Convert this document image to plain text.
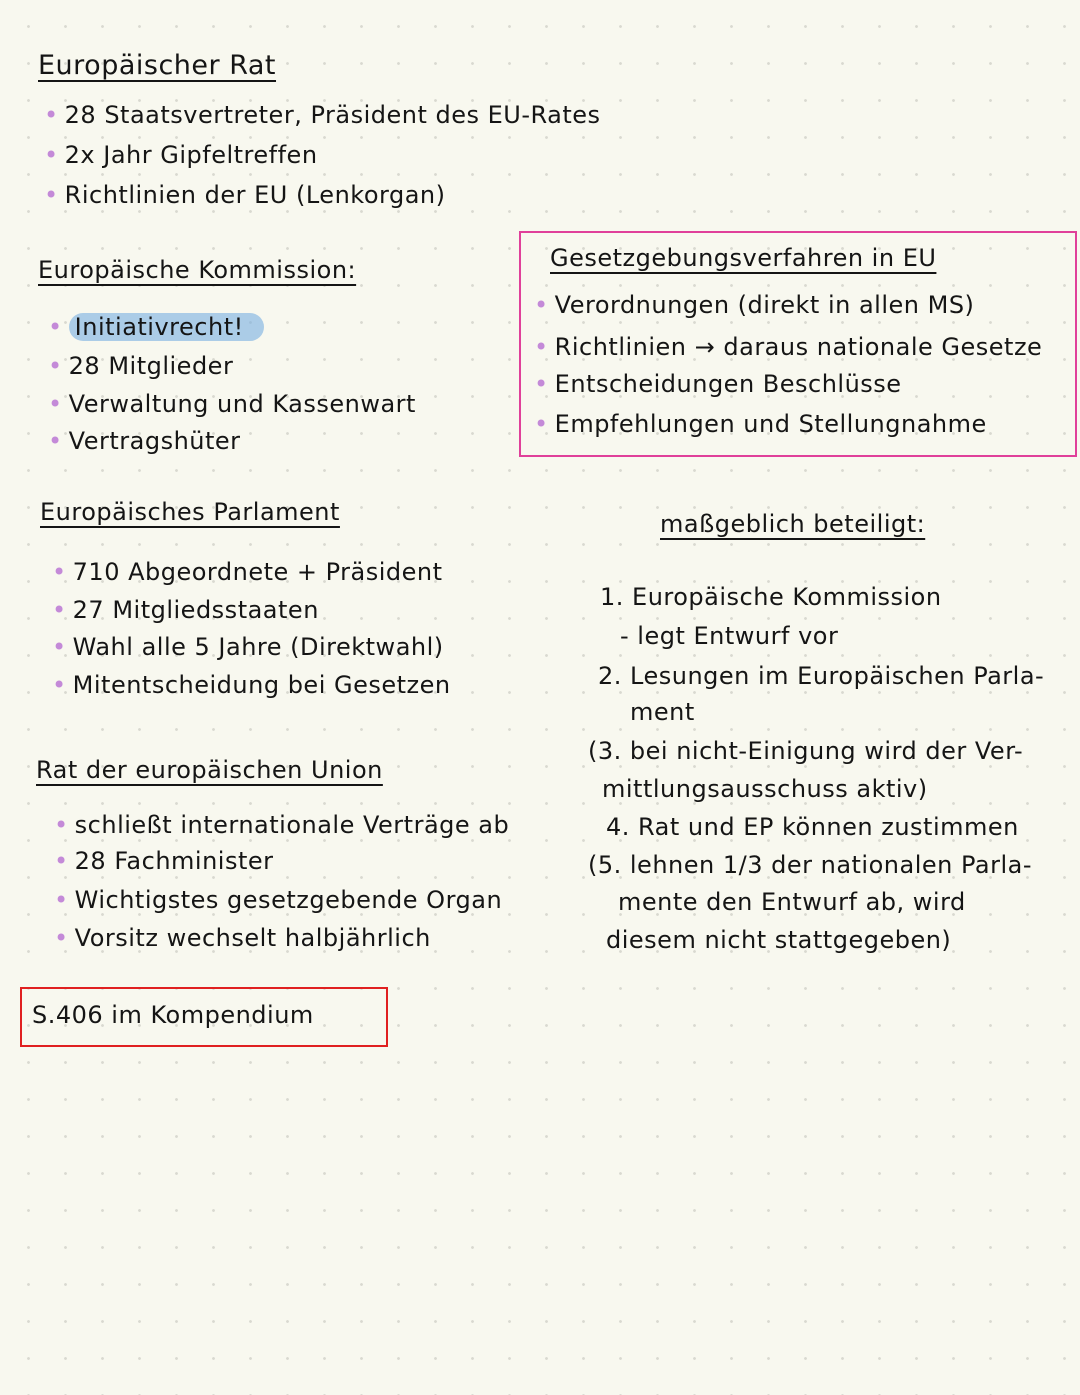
Europäischer Rat
• 28 Staatsvertreter, Präsident des EU-Rates
• 2x Jahr Gipfeltreffen
• Richtlinien der EU (Lenkorgan)
Europäische Kommission:
• Initiativrecht!
• 28 Mitglieder
• Verwaltung und Kassenwart
• Vertragshüter
Europäisches Parlament
• 710 Abgeordnete + Präsident
• 27 Mitgliedsstaaten
• Wahl alle 5 Jahre (Direktwahl)
• Mitentscheidung bei Gesetzen
Rat der europäischen Union
• schließt internationale Verträge ab
• 28 Fachminister
• Wichtigstes gesetzgebende Organ
• Vorsitz wechselt halbjährlich
S.406 im Kompendium
Gesetzgebungsverfahren in EU
• Verordnungen (direkt in allen MS)
• Richtlinien → daraus nationale Gesetze
• Entscheidungen Beschlüsse
• Empfehlungen und Stellungnahme
maßgeblich beteiligt:
1. Europäische Kommission
- legt Entwurf vor
2. Lesungen im Europäischen Parla-
ment
(3. bei nicht-Einigung wird der Ver-
mittlungsausschuss aktiv)
4. Rat und EP können zustimmen
(5. lehnen 1/3 der nationalen Parla-
mente den Entwurf ab, wird
diesem nicht stattgegeben)
